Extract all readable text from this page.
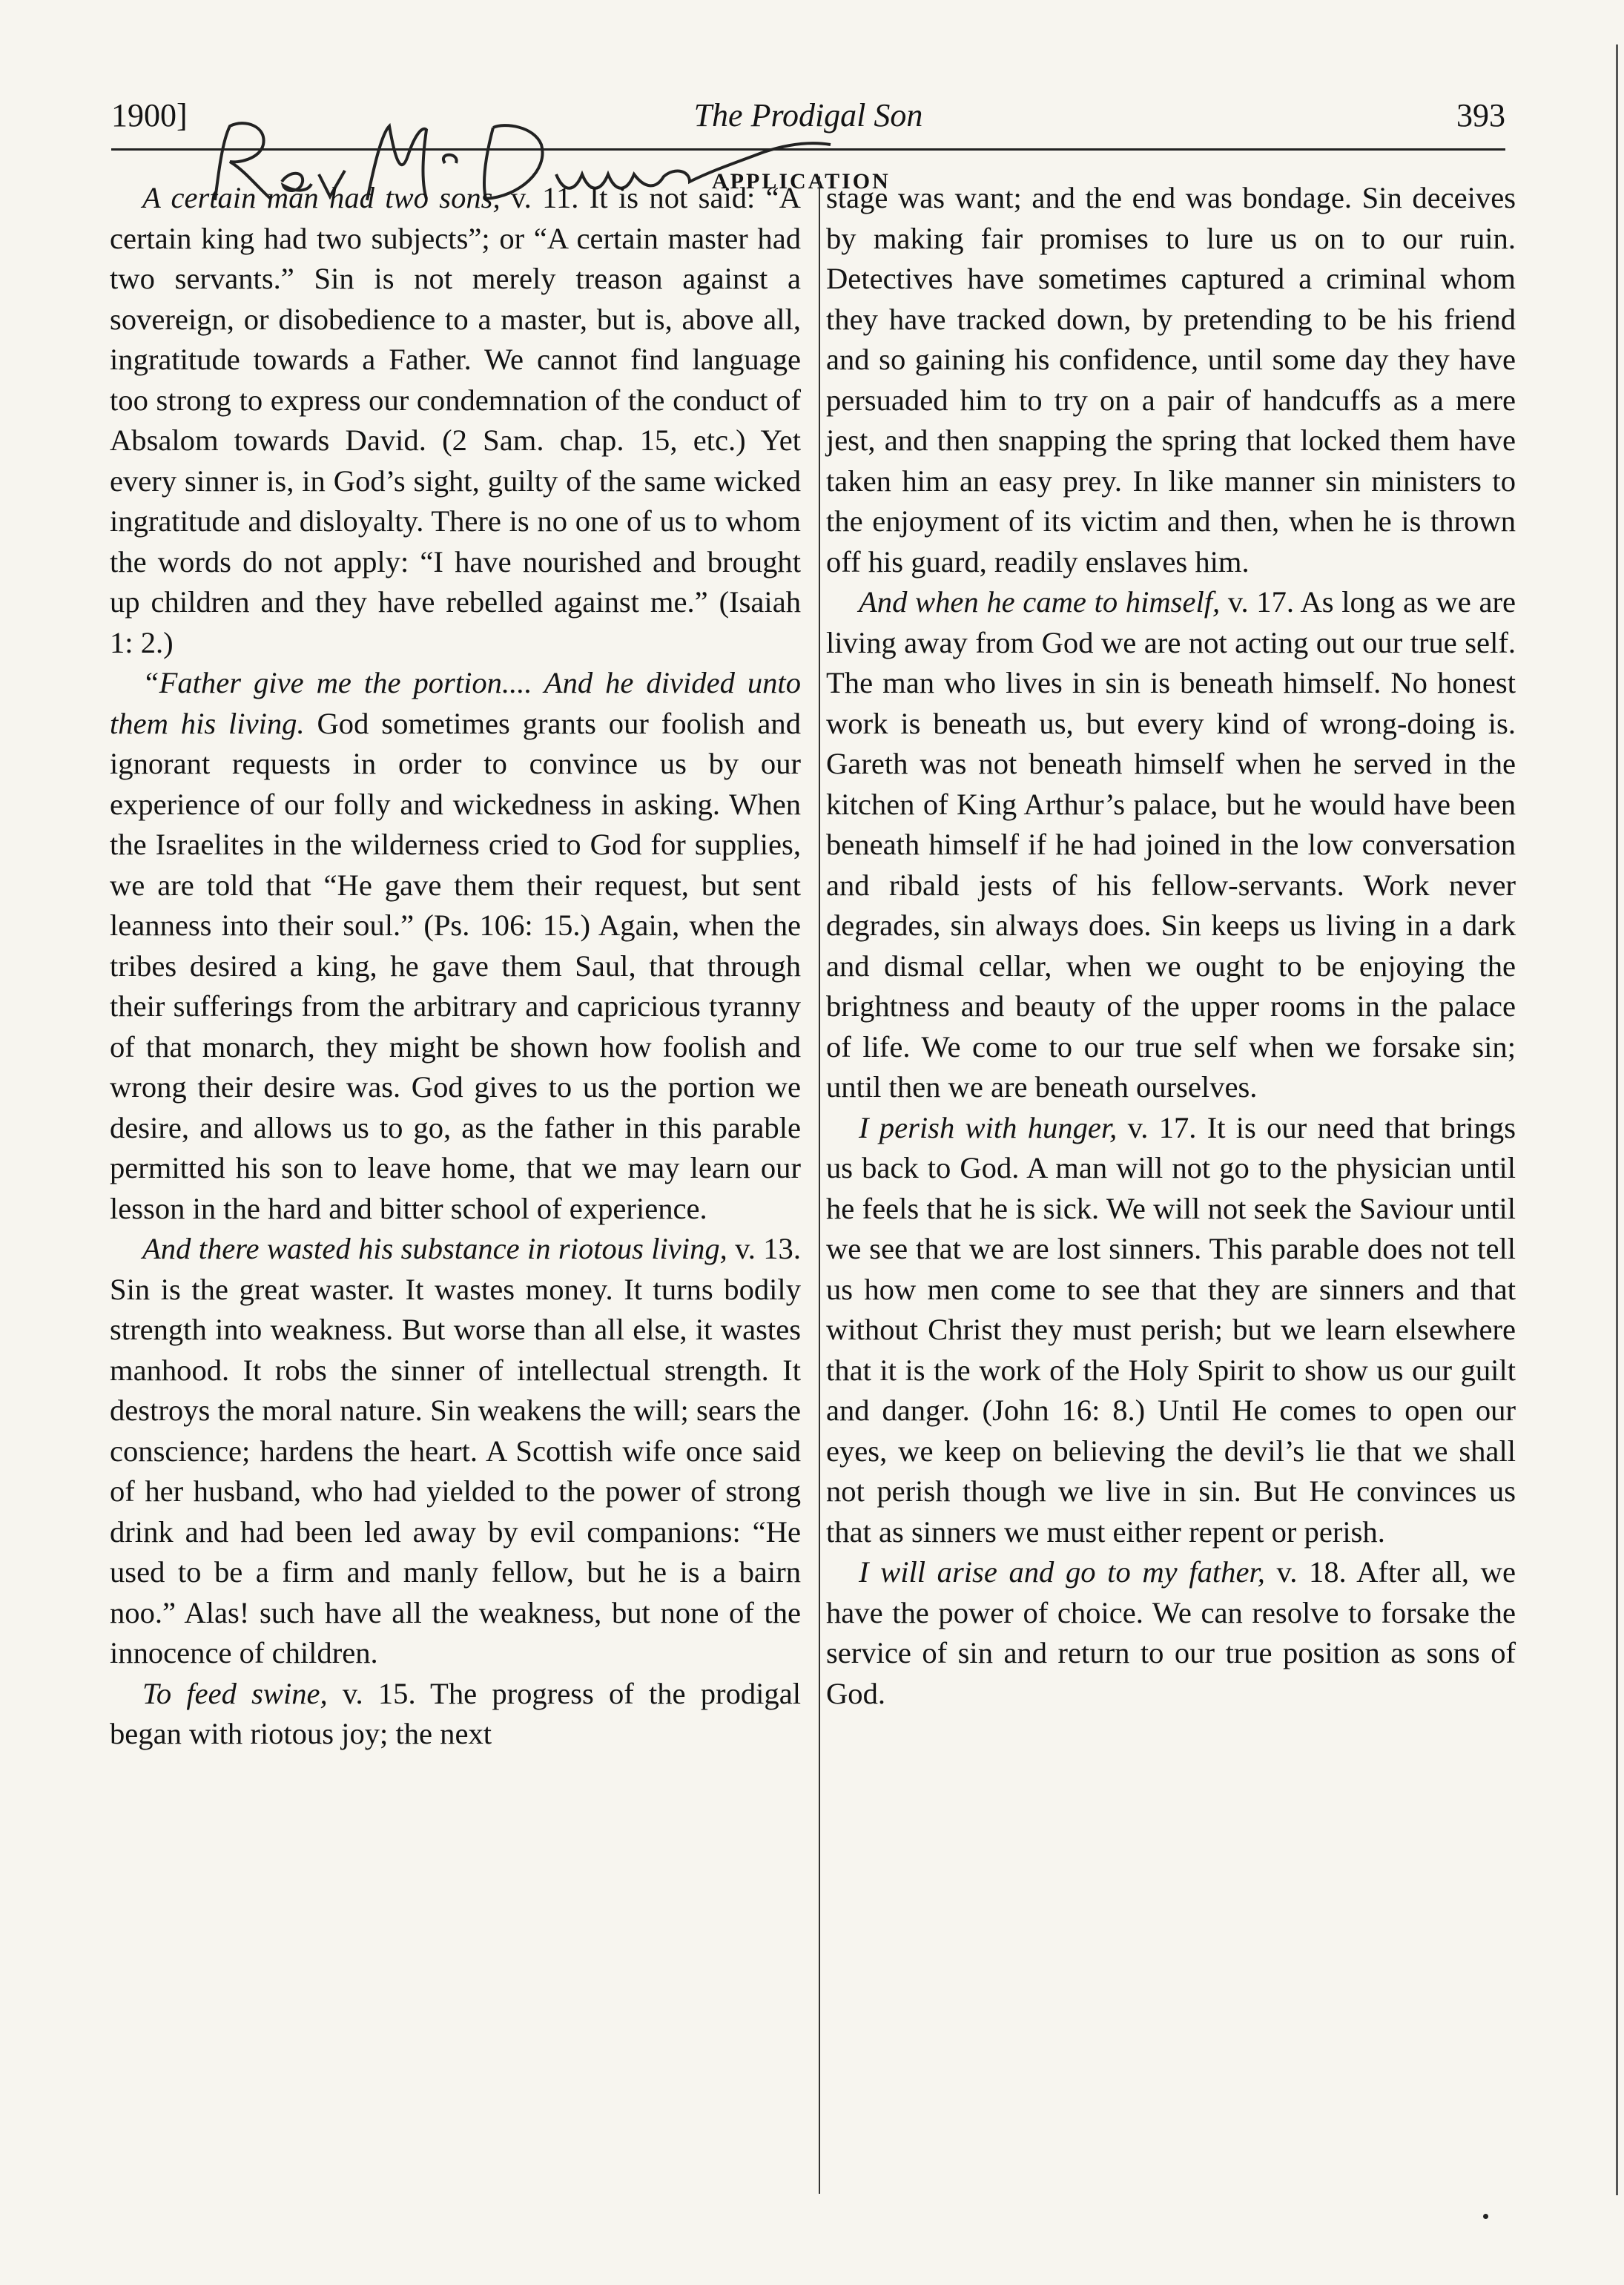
1900]	The Prodigal Son	393
APPLICATION

A certain man had two sons, v. 11. It is not said: “A certain king had two subjects”; or “A certain master had two servants.” Sin is not merely treason against a sovereign, or disobedience to a master, but is, above all, ingratitude towards a Father. We cannot find language too strong to express our condemnation of the conduct of Absalom towards David. (2 Sam. chap. 15, etc.) Yet every sinner is, in God’s sight, guilty of the same wicked ingratitude and disloyalty. There is no one of us to whom the words do not apply: “I have nourished and brought up children and they have rebelled against me.” (Isaiah 1: 2.)

“Father give me the portion.... And he divided unto them his living. God sometimes grants our foolish and ignorant requests in order to convince us by our experience of our folly and wickedness in asking. When the Israelites in the wilderness cried to God for supplies, we are told that “He gave them their request, but sent leanness into their soul.” (Ps. 106: 15.) Again, when the tribes desired a king, he gave them Saul, that through their sufferings from the arbitrary and capricious tyranny of that monarch, they might be shown how foolish and wrong their desire was. God gives to us the portion we desire, and allows us to go, as the father in this parable permitted his son to leave home, that we may learn our lesson in the hard and bitter school of experience.

And there wasted his substance in riotous living, v. 13. Sin is the great waster. It wastes money. It turns bodily strength into weakness. But worse than all else, it wastes manhood. It robs the sinner of intellectual strength. It destroys the moral nature. Sin weakens the will; sears the conscience; hardens the heart. A Scottish wife once said of her husband, who had yielded to the power of strong drink and had been led away by evil companions: “He used to be a firm and manly fellow, but he is a bairn noo.” Alas! such have all the weakness, but none of the innocence of children.

To feed swine, v. 15. The progress of the prodigal began with riotous joy; the next

stage was want; and the end was bondage. Sin deceives by making fair promises to lure us on to our ruin. Detectives have sometimes captured a criminal whom they have tracked down, by pretending to be his friend and so gaining his confidence, until some day they have persuaded him to try on a pair of handcuffs as a mere jest, and then snapping the spring that locked them have taken him an easy prey. In like manner sin ministers to the enjoyment of its victim and then, when he is thrown off his guard, readily enslaves him.

And when he came to himself, v. 17. As long as we are living away from God we are not acting out our true self. The man who lives in sin is beneath himself. No honest work is beneath us, but every kind of wrong-doing is. Gareth was not beneath himself when he served in the kitchen of King Arthur’s palace, but he would have been beneath himself if he had joined in the low conversation and ribald jests of his fellow-servants. Work never degrades, sin always does. Sin keeps us living in a dark and dismal cellar, when we ought to be enjoying the brightness and beauty of the upper rooms in the palace of life. We come to our true self when we forsake sin; until then we are beneath ourselves.

I perish with hunger, v. 17. It is our need that brings us back to God. A man will not go to the physician until he feels that he is sick. We will not seek the Saviour until we see that we are lost sinners. This parable does not tell us how men come to see that they are sinners and that without Christ they must perish; but we learn elsewhere that it is the work of the Holy Spirit to show us our guilt and danger. (John 16: 8.) Until He comes to open our eyes, we keep on believing the devil’s lie that we shall not perish though we live in sin. But He convinces us that as sinners we must either repent or perish.

I will arise and go to my father, v. 18. After all, we have the power of choice. We can resolve to forsake the service of sin and return to our true position as sons of God.
